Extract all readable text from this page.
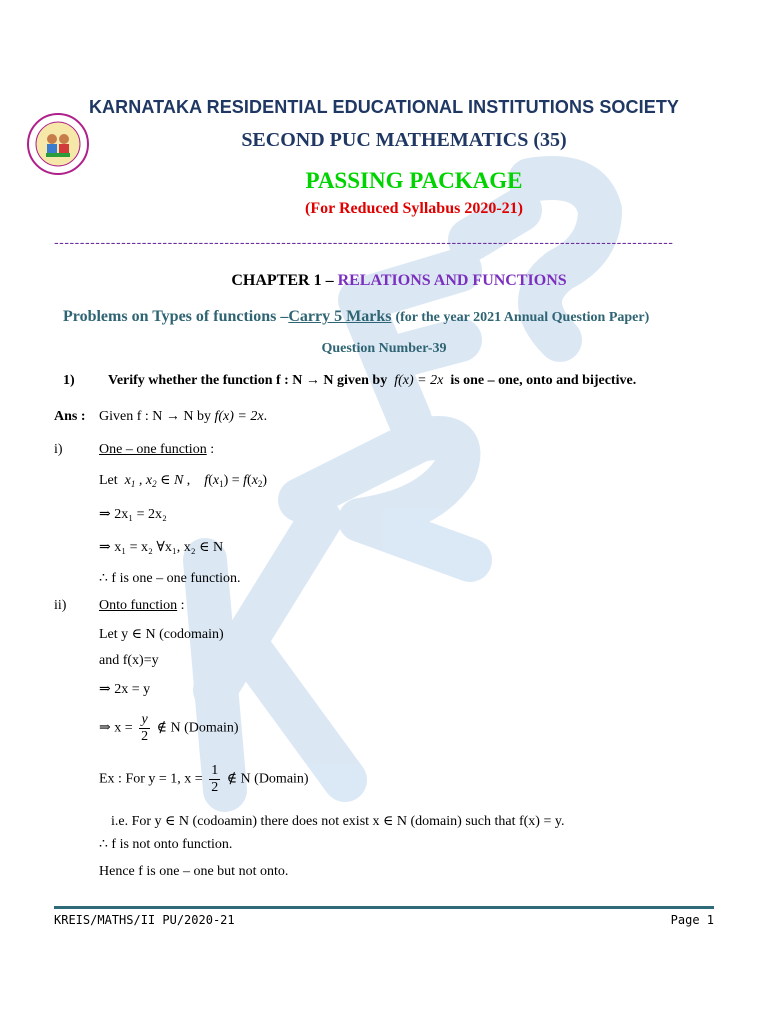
KARNATAKA RESIDENTIAL EDUCATIONAL INSTITUTIONS SOCIETY
SECOND PUC MATHEMATICS (35)
PASSING PACKAGE
(For Reduced Syllabus 2020-21)
------------------------------------------------------------------------------------------------------------------------
CHAPTER 1 – RELATIONS AND FUNCTIONS
Problems on Types of functions –Carry 5 Marks (for the year 2021 Annual Question Paper)
Question Number-39
1) Verify whether the function f : N → N given by f(x) = 2x is one – one, onto and bijective.
Ans : Given f : N → N by f(x) = 2x.
i)	One – one function :
Let  $x_1$ , $x_2$ ∈ N ,    $f(x_1) = f(x_2)$
⇒ 2x₁ = 2x₂
⇒ x₁ = x₂ ∀x₁, x₂ ∈ N
∴ f is one – one function.
ii) Onto function :
Let y ∈ N (codomain)
and f(x)=y
⇒ 2x = y
⇒ $x = \frac{y}{2}$ ∉ N (Domain)
Ex : For y = 1, $x = \frac{1}{2}$ ∉ N (Domain)
i.e. For y ∈ N (codoamin) there does not exist x ∈ N (domain) such that f(x) = y.
∴ f is not onto function.
Hence f is one – one but not onto.
KREIS/MATHS/II PU/2020-21	Page 1
